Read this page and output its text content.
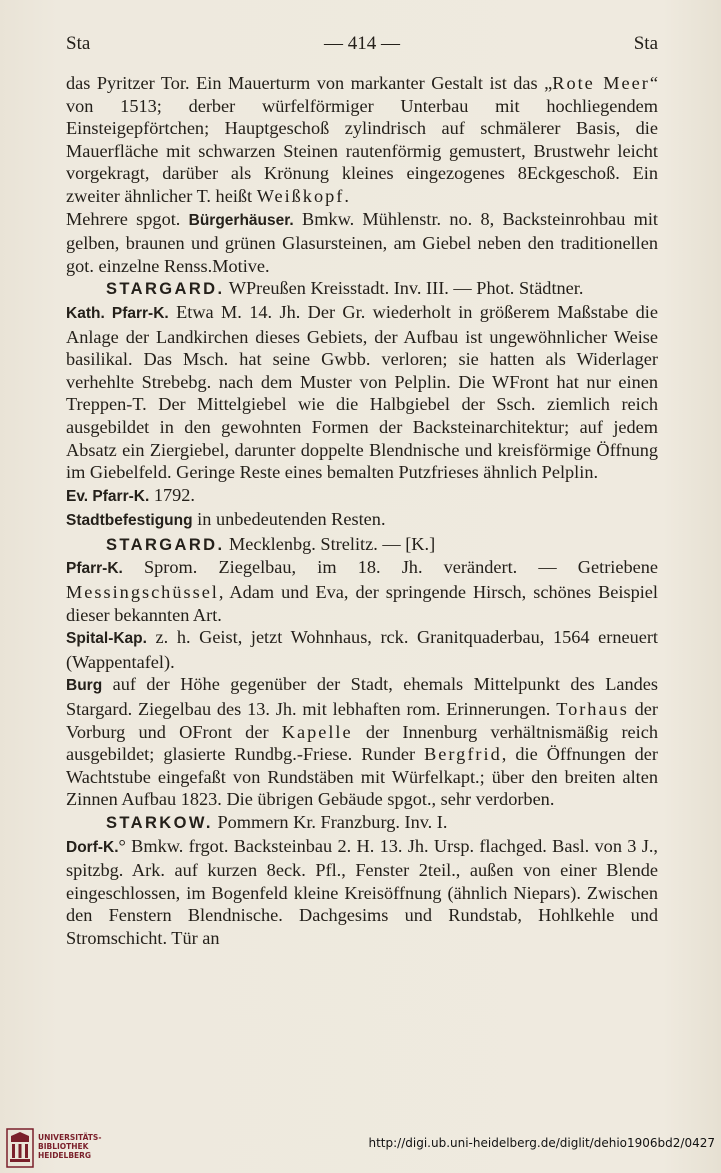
Sta	— 414 —	Sta

das Pyritzer Tor. Ein Mauerturm von markanter Gestalt ist das „Rote Meer“ von 1513; derber würfelförmiger Unterbau mit hochliegendem Einsteigepförtchen; Hauptgeschoß zylindrisch auf schmälerer Basis, die Mauerfläche mit schwarzen Steinen rautenförmig gemustert, Brustwehr leicht vorgekragt, darüber als Krönung kleines eingezogenes 8Eckgeschoß. Ein zweiter ähnlicher T. heißt Weißkopf.

Mehrere spgot. Bürgerhäuser. Bmkw. Mühlenstr. no. 8, Backsteinrohbau mit gelben, braunen und grünen Glasursteinen, am Giebel neben den traditionellen got. einzelne Renss.Motive.

STARGARD. WPreußen Kreisstadt. Inv. III. — Phot. Städtner.

Kath. Pfarr-K. Etwa M. 14. Jh. Der Gr. wiederholt in größerem Maßstabe die Anlage der Landkirchen dieses Gebiets, der Aufbau ist ungewöhnlicher Weise basilikal. Das Msch. hat seine Gwbb. verloren; sie hatten als Widerlager verhehlte Strebebg. nach dem Muster von Pelplin. Die WFront hat nur einen Treppen-T. Der Mittelgiebel wie die Halbgiebel der Ssch. ziemlich reich ausgebildet in den gewohnten Formen der Backsteinarchitektur; auf jedem Absatz ein Ziergiebel, darunter doppelte Blendnische und kreisförmige Öffnung im Giebelfeld. Geringe Reste eines bemalten Putzfrieses ähnlich Pelplin.

Ev. Pfarr-K. 1792.

Stadtbefestigung in unbedeutenden Resten.

STARGARD. Mecklenbg. Strelitz. — [K.]

Pfarr-K. Sprom. Ziegelbau, im 18. Jh. verändert. — Getriebene Messingschüssel, Adam und Eva, der springende Hirsch, schönes Beispiel dieser bekannten Art.

Spital-Kap. z. h. Geist, jetzt Wohnhaus, rck. Granitquaderbau, 1564 erneuert (Wappentafel).

Burg auf der Höhe gegenüber der Stadt, ehemals Mittelpunkt des Landes Stargard. Ziegelbau des 13. Jh. mit lebhaften rom. Erinnerungen. Torhaus der Vorburg und OFront der Kapelle der Innenburg verhältnismäßig reich ausgebildet; glasierte Rundbg.-Friese. Runder Bergfrid, die Öffnungen der Wachtstube eingefaßt von Rundstäben mit Würfelkapt.; über den breiten alten Zinnen Aufbau 1823. Die übrigen Gebäude spgot., sehr verdorben.

STARKOW. Pommern Kr. Franzburg. Inv. I.

Dorf-K.° Bmkw. frgot. Backsteinbau 2. H. 13. Jh. Ursp. flachged. Basl. von 3 J., spitzbg. Ark. auf kurzen 8eck. Pfl., Fenster 2teil., außen von einer Blende eingeschlossen, im Bogenfeld kleine Kreisöffnung (ähnlich Niepars). Zwischen den Fenstern Blendnische. Dachgesims und Rundstab, Hohlkehle und Stromschicht. Tür an

UNIVERSITÄTS-
BIBLIOTHEK
HEIDELBERG
http://digi.ub.uni-heidelberg.de/diglit/dehio1906bd2/0427
